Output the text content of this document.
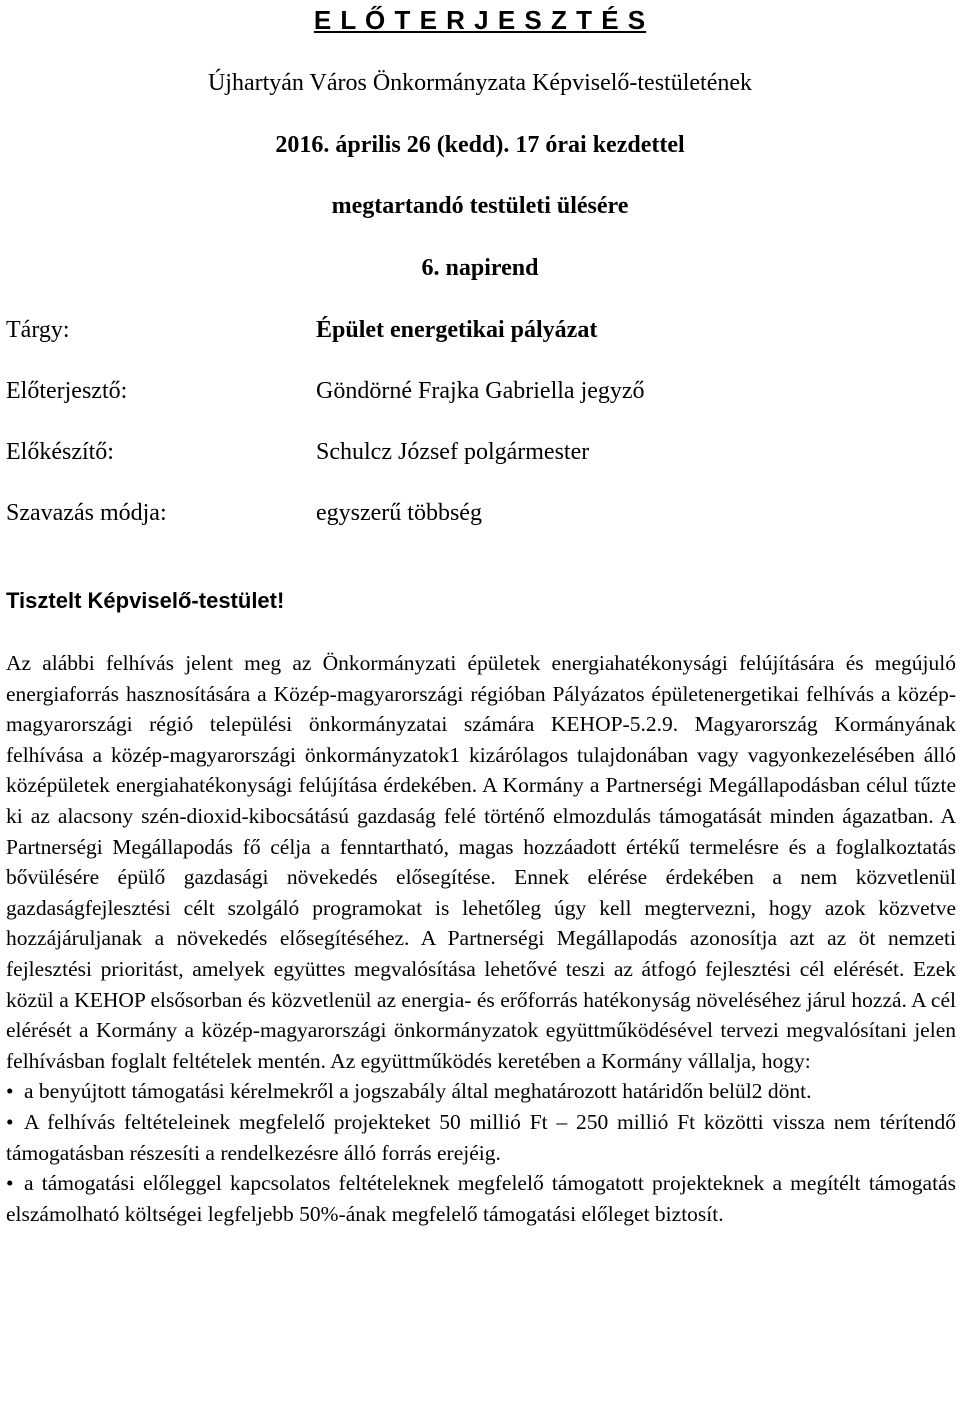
E L Ő T E R J E S Z T É S
Újhartyán Város Önkormányzata Képviselő-testületének
2016. április 26 (kedd). 17 órai kezdettel
megtartandó testületi ülésére
6. napirend
Tárgy:	Épület energetikai pályázat
Előterjesztő:	Göndörné Frajka Gabriella jegyző
Előkészítő:	Schulcz József polgármester
Szavazás módja:	egyszerű többség
Tisztelt Képviselő-testület!

Az alábbi felhívás jelent meg az Önkormányzati épületek energiahatékonysági felújítására és megújuló energiaforrás hasznosítására a Közép-magyarországi régióban Pályázatos épületenergetikai felhívás a közép-magyarországi régió települési önkormányzatai számára KEHOP-5.2.9. Magyarország Kormányának felhívása a közép-magyarországi önkormányzatok1 kizárólagos tulajdonában vagy vagyonkezelésében álló középületek energiahatékonysági felújítása érdekében. A Kormány a Partnerségi Megállapodásban célul tűzte ki az alacsony szén-dioxid-kibocsátású gazdaság felé történő elmozdulás támogatását minden ágazatban. A Partnerségi Megállapodás fő célja a fenntartható, magas hozzáadott értékű termelésre és a foglalkoztatás bővülésére épülő gazdasági növekedés elősegítése. Ennek elérése érdekében a nem közvetlenül gazdaságfejlesztési célt szolgáló programokat is lehetőleg úgy kell megtervezni, hogy azok közvetve hozzájáruljanak a növekedés elősegítéséhez. A Partnerségi Megállapodás azonosítja azt az öt nemzeti fejlesztési prioritást, amelyek együttes megvalósítása lehetővé teszi az átfogó fejlesztési cél elérését. Ezek közül a KEHOP elsősorban és közvetlenül az energia- és erőforrás hatékonyság növeléséhez járul hozzá. A cél elérését a Kormány a közép-magyarországi önkormányzatok együttműködésével tervezi megvalósítani jelen felhívásban foglalt feltételek mentén. Az együttműködés keretében a Kormány vállalja, hogy:

• a benyújtott támogatási kérelmekről a jogszabály által meghatározott határidőn belül2 dönt.
• A felhívás feltételeinek megfelelő projekteket 50 millió Ft – 250 millió Ft közötti vissza nem térítendő támogatásban részesíti a rendelkezésre álló forrás erejéig.
• a támogatási előleggel kapcsolatos feltételeknek megfelelő támogatott projekteknek a megítélt támogatás elszámolható költségei legfeljebb 50%-ának megfelelő támogatási előleget biztosít.
